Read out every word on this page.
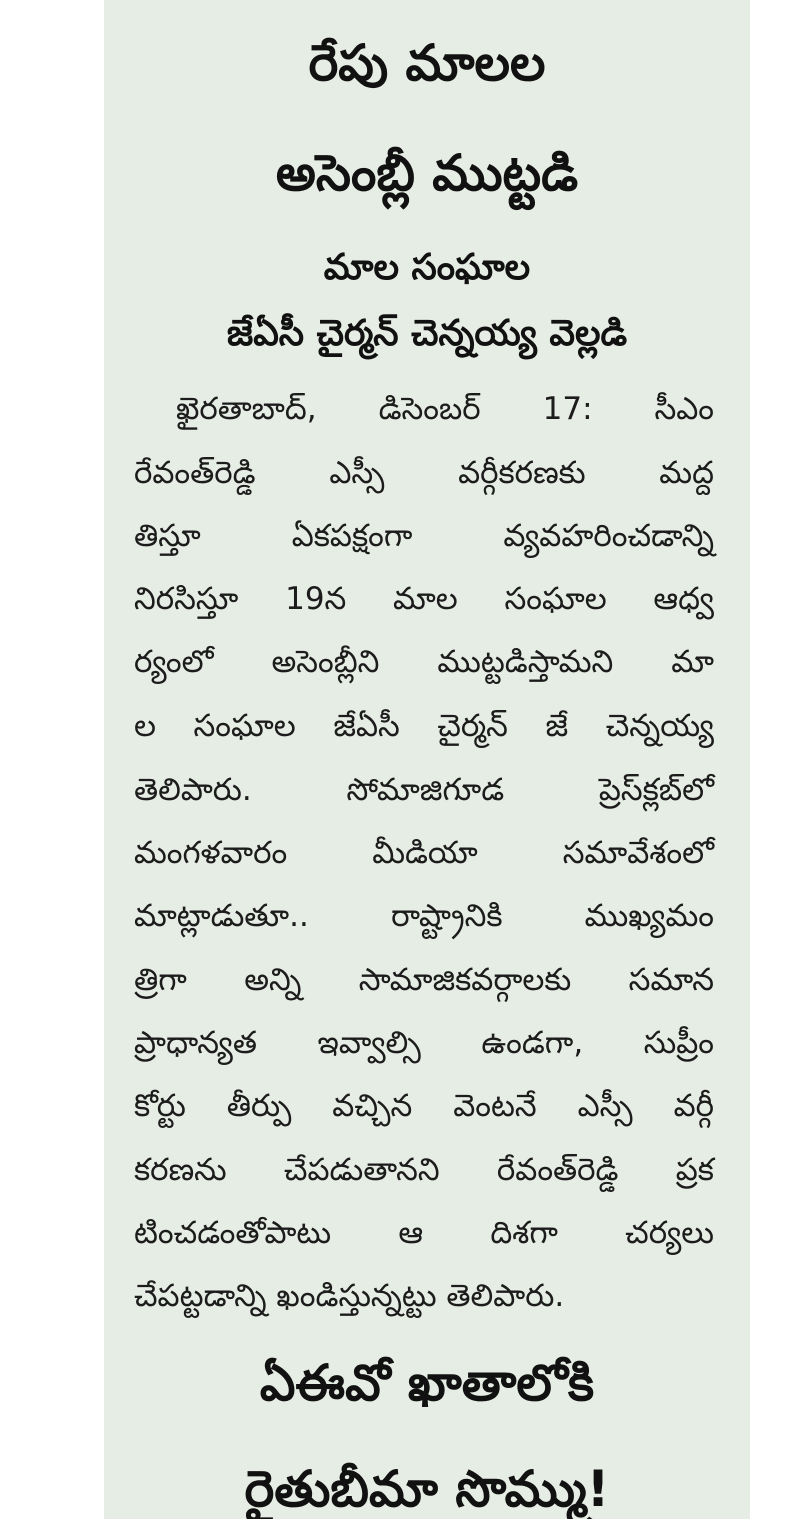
రేపు మాలల
అసెంబ్లీ ముట్టడి
మాల సంఘాల
జేఏసీ చైర్మన్ చెన్నయ్య వెల్లడి
ఖైరతాబాద్, డిసెంబర్ 17: సీఎం
రేవంత్‌రెడ్డి ఎస్సీ వర్గీకరణకు మద్ద
తిస్తూ ఏకపక్షంగా వ్యవహరించడాన్ని
నిరసిస్తూ 19న మాల సంఘాల ఆధ్వ
ర్యంలో అసెంబ్లీని ముట్టడిస్తామని మా
ల సంఘాల జేఏసీ చైర్మన్ జే చెన్నయ్య
తెలిపారు. సోమాజిగూడ ప్రెస్‌క్లబ్‌లో
మంగళవారం మీడియా సమావేశంలో
మాట్లాడుతూ.. రాష్ట్రానికి ముఖ్యమం
త్రిగా అన్ని సామాజికవర్గాలకు సమాన
ప్రాధాన్యత ఇవ్వాల్సి ఉండగా, సుప్రీం
కోర్టు తీర్పు వచ్చిన వెంటనే ఎస్సీ వర్గీ
కరణను చేపడుతానని రేవంత్‌రెడ్డి ప్రక
టించడంతోపాటు ఆ దిశగా చర్యలు
చేపట్టడాన్ని ఖండిస్తున్నట్టు తెలిపారు.
ఏఈవో ఖాతాలోకి
రైతుబీమా సొమ్ము!
